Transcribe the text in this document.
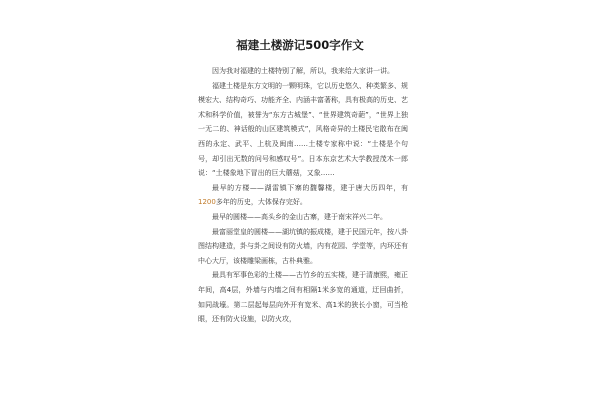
福建土楼游记500字作文

因为我对福建的土楼特别了解，所以，我来给大家讲一讲。

福建土楼是东方文明的一颗明珠，它以历史悠久、种类繁多、规模宏大、结构奇巧、功能齐全、内涵丰富著称，具有极高的历史、艺术和科学价值，被誉为“东方古城堡”、“世界建筑奇葩”，“世界上独一无二的、神话般的山区建筑模式”，风格奇异的土楼民宅散布在闽西的永定、武平、上杭及闽南……土楼专家称中说：“土楼是个句号，却引出无数的问号和感叹号”。日本东京艺术大学教授茂木一郎说：“土楼象地下冒出的巨大蘑菇，又象……

最早的方楼——湖雷镇下寨的馥馨楼，建于唐大历四年，有1200多年的历史，大体保存完好。

最早的圆楼——高头乡的金山古寨，建于南宋祥兴二年。

最富丽堂皇的圆楼——湖坑镇的振成楼，建于民国元年，按八卦图结构建造，卦与卦之间设有防火墙，内有花园、学堂等，内环还有中心大厅，该楼雕梁画栋，古朴典雅。

最具有军事色彩的土楼——古竹乡的五实楼，建于清康熙，雍正年间，高4层，外墙与内墙之间有相隔1米多宽的通道，迂回曲折，如同战壕。第二层起每层向外开有宽米、高1米的狭长小窗，可当枪眼，还有防火设施，以防火攻，
